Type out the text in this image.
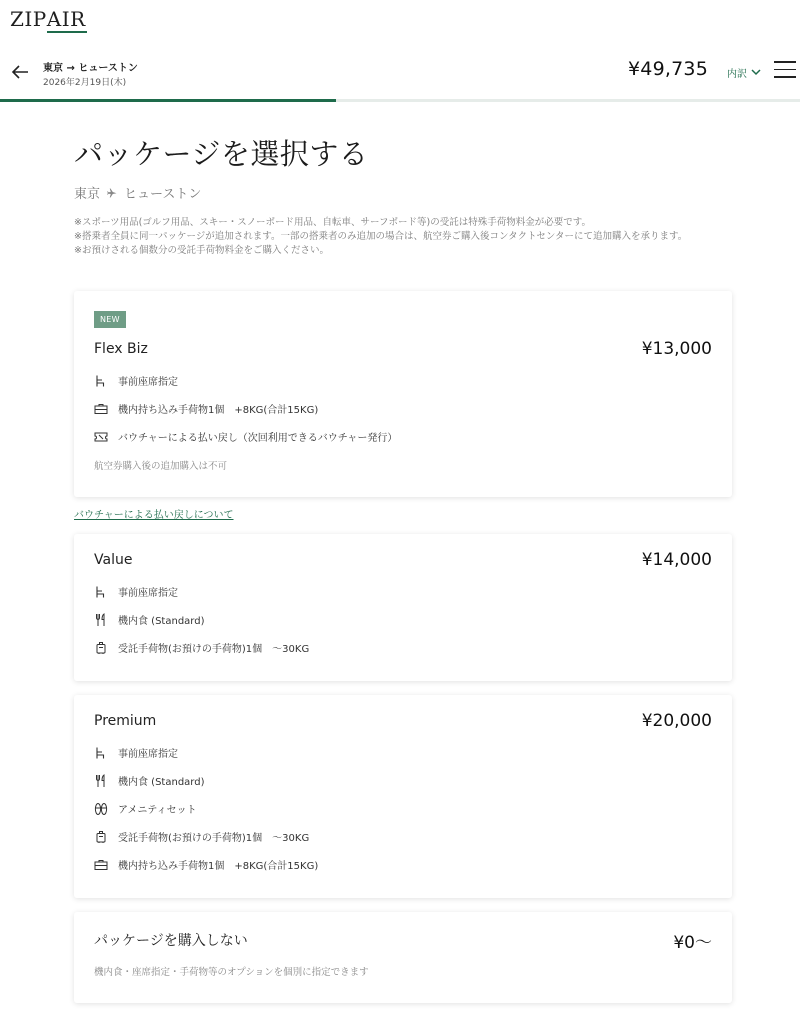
ZIPAIR
東京 → ヒューストン
2026年2月19日(木)
¥49,735 内訳
パッケージを選択する
東京 ヒューストン
※スポーツ用品(ゴルフ用品、スキー・スノーボード用品、自転車、サーフボード等)の受託は特殊手荷物料金が必要です。
※搭乗者全員に同一パッケージが追加されます。一部の搭乗者のみ追加の場合は、航空券ご購入後コンタクトセンターにて追加購入を承ります。
※お預けされる個数分の受託手荷物料金をご購入ください。
NEW
Flex Biz	¥13,000
事前座席指定
機内持ち込み手荷物1個　+8KG(合計15KG)
バウチャーによる払い戻し（次回利用できるバウチャー発行）
航空券購入後の追加購入は不可
バウチャーによる払い戻しについて
Value	¥14,000
事前座席指定
機内食 (Standard)
受託手荷物(お預けの手荷物)1個　～30KG
Premium	¥20,000
事前座席指定
機内食 (Standard)
アメニティセット
受託手荷物(お預けの手荷物)1個　～30KG
機内持ち込み手荷物1個　+8KG(合計15KG)
パッケージを購入しない	¥0～
機内食・座席指定・手荷物等のオプションを個別に指定できます
